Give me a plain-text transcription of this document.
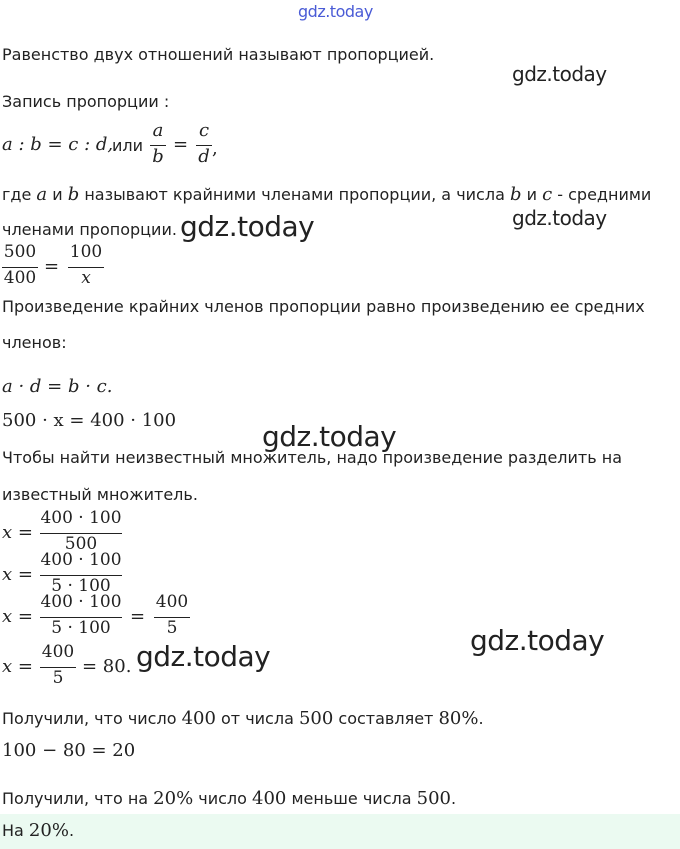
gdz.today
gdz.today
gdz.today
gdz.today
gdz.today
gdz.today
gdz.today
Равенство двух отношений называют пропорцией.
Запись пропорции :
a : b = c : d,
или
a
b
=
c
d ,
где a и b называют крайними членами пропорции, а числа b и c - средними
членами пропорции.
500
400
=
100
x
Произведение крайних членов пропорции равно произведению ее средних
членов:
a · d = b · c.
500 · x = 400 · 100
Чтобы найти неизвестный множитель, надо произведение разделить на
известный множитель.
x =
400 · 100
500
x =
400 · 100
5 · 100
x =
400 · 100
5 · 100
=
400
5
x =
400
5
= 80.
Получили, что число 400 от числа 500 составляет 80%.
100 − 80 = 20
Получили, что на 20% число 400 меньше числа 500.
На 20%.
